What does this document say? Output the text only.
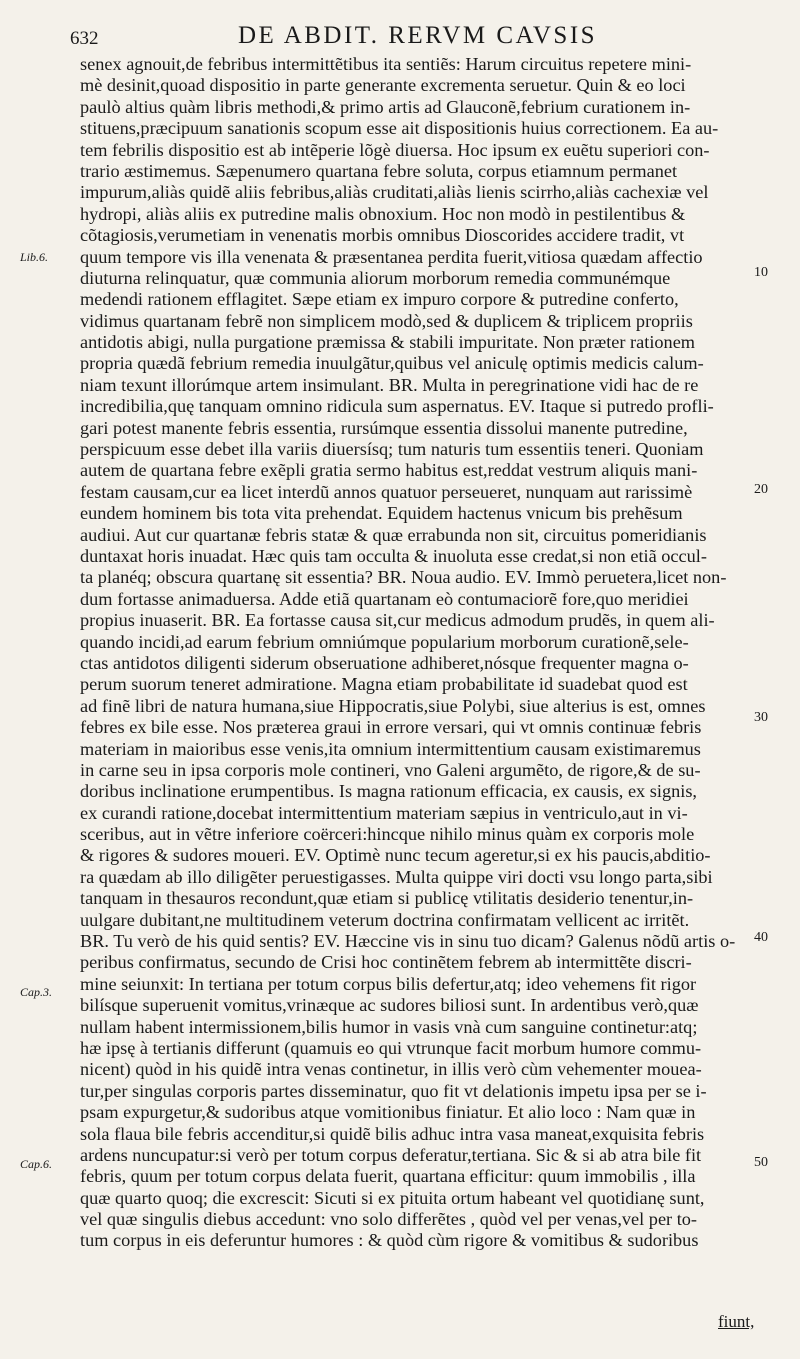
632	DE ABDIT. RERVM CAVSIS
Lib.6.
Cap.3.
Cap.6.
10
20
30
40
50
senex agnouit,de febribus intermittẽtibus ita sentiẽs: Harum circuitus repetere mini-
mè desinit,quoad dispositio in parte generante excrementa seruetur. Quin & eo loci
paulò altius quàm libris methodi,& primo artis ad Glauconẽ,febrium curationem in-
stituens,præcipuum sanationis scopum esse ait dispositionis huius correctionem. Ea au-
tem febrilis dispositio est ab intẽperie lõgè diuersa. Hoc ipsum ex euẽtu superiori con-
trario æstimemus. Sæpenumero quartana febre soluta, corpus etiamnum permanet
impurum,aliàs quidẽ aliis febribus,aliàs cruditati,aliàs lienis scirrho,aliàs cachexiæ vel
hydropi, aliàs aliis ex putredine malis obnoxium. Hoc non modò in pestilentibus &
cõtagiosis,verumetiam in venenatis morbis omnibus Dioscorides accidere tradit, vt
quum tempore vis illa venenata & præsentanea perdita fuerit,vitiosa quædam affectio
diuturna relinquatur, quæ communia aliorum morborum remedia communémque
medendi rationem efflagitet. Sæpe etiam ex impuro corpore & putredine conferto,
vidimus quartanam febrẽ non simplicem modò,sed & duplicem & triplicem propriis
antidotis abigi, nulla purgatione præmissa & stabili impuritate. Non præter rationem
propria quædã febrium remedia inuulgãtur,quibus vel aniculę optimis medicis calum-
niam texunt illorúmque artem insimulant. BR. Multa in peregrinatione vidi hac de re
incredibilia,quę tanquam omnino ridicula sum aspernatus. EV. Itaque si putredo profli-
gari potest manente febris essentia, rursúmque essentia dissolui manente putredine,
perspicuum esse debet illa variis diuersísq; tum naturis tum essentiis teneri. Quoniam
autem de quartana febre exẽpli gratia sermo habitus est,reddat vestrum aliquis mani-
festam causam,cur ea licet interdũ annos quatuor perseueret, nunquam aut rarissimè
eundem hominem bis tota vita prehendat. Equidem hactenus vnicum bis prehẽsum
audiui. Aut cur quartanæ febris statæ & quæ errabunda non sit, circuitus pomeridianis
duntaxat horis inuadat. Hæc quis tam occulta & inuoluta esse credat,si non etiã occul-
ta planéq; obscura quartanę sit essentia? BR. Noua audio. EV. Immò peruetera,licet non-
dum fortasse animaduersa. Adde etiã quartanam eò contumaciorẽ fore,quo meridiei
propius inuaserit. BR. Ea fortasse causa sit,cur medicus admodum prudẽs, in quem ali-
quando incidi,ad earum febrium omniúmque popularium morborum curationẽ,sele-
ctas antidotos diligenti siderum obseruatione adhiberet,nósque frequenter magna o-
perum suorum teneret admiratione. Magna etiam probabilitate id suadebat quod est
ad finẽ libri de natura humana,siue Hippocratis,siue Polybi, siue alterius is est, omnes
febres ex bile esse. Nos præterea graui in errore versari, qui vt omnis continuæ febris
materiam in maioribus esse venis,ita omnium intermittentium causam existimaremus
in carne seu in ipsa corporis mole contineri, vno Galeni argumẽto, de rigore,& de su-
doribus inclinatione erumpentibus. Is magna rationum efficacia, ex causis, ex signis,
ex curandi ratione,docebat intermittentium materiam sæpius in ventriculo,aut in vi-
sceribus, aut in vẽtre inferiore coërceri:hincque nihilo minus quàm ex corporis mole
& rigores & sudores moueri. EV. Optimè nunc tecum ageretur,si ex his paucis,abditio-
ra quædam ab illo diligẽter peruestigasses. Multa quippe viri docti vsu longo parta,sibi
tanquam in thesauros recondunt,quæ etiam si publicę vtilitatis desiderio tenentur,in-
uulgare dubitant,ne multitudinem veterum doctrina confirmatam vellicent ac irritẽt.
BR. Tu verò de his quid sentis? EV. Hæccine vis in sinu tuo dicam? Galenus nõdũ artis o-
peribus confirmatus, secundo de Crisi hoc continẽtem febrem ab intermittẽte discri-
mine seiunxit: In tertiana per totum corpus bilis defertur,atq; ideo vehemens fit rigor
bilísque superuenit vomitus,vrinæque ac sudores biliosi sunt. In ardentibus verò,quæ
nullam habent intermissionem,bilis humor in vasis vnà cum sanguine continetur:atq;
hæ ipsę à tertianis differunt (quamuis eo qui vtrunque facit morbum humore commu-
nicent) quòd in his quidẽ intra venas continetur, in illis verò cùm vehementer mouea-
tur,per singulas corporis partes disseminatur, quo fit vt delationis impetu ipsa per se i-
psam expurgetur,& sudoribus atque vomitionibus finiatur. Et alio loco : Nam quæ in
sola flaua bile febris accenditur,si quidẽ bilis adhuc intra vasa maneat,exquisita febris
ardens nuncupatur:si verò per totum corpus deferatur,tertiana. Sic & si ab atra bile fit
febris, quum per totum corpus delata fuerit, quartana efficitur: quum immobilis , illa
quæ quarto quoq; die excrescit: Sicuti si ex pituita ortum habeant vel quotidianę sunt,
vel quæ singulis diebus accedunt: vno solo differẽtes , quòd vel per venas,vel per to-
tum corpus in eis deferuntur humores : & quòd cùm rigore & vomitibus & sudoribus
fiunt,
